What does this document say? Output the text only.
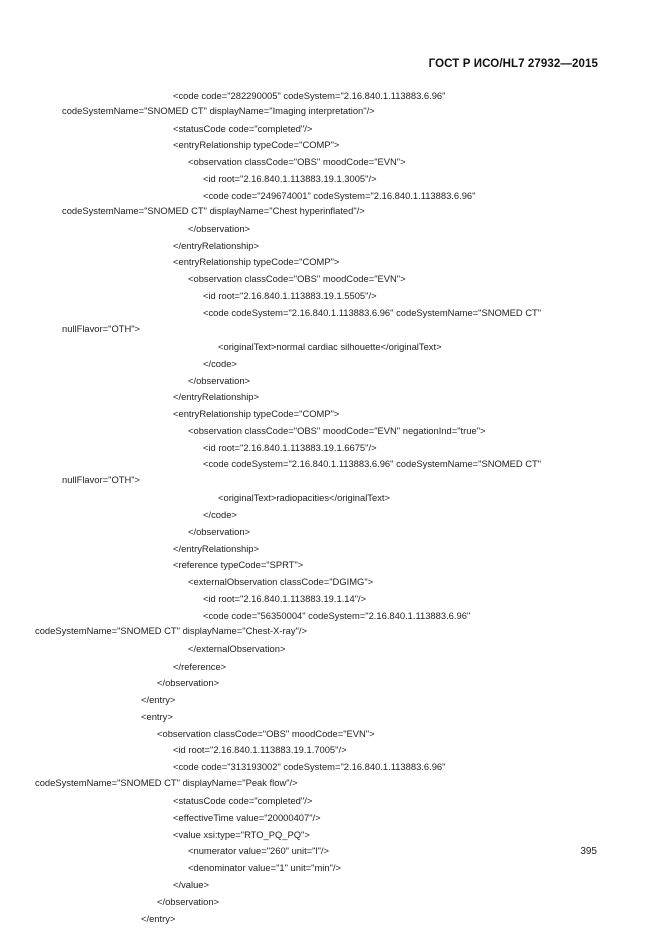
ГОСТ Р ИСО/HL7 27932—2015
<code code="282290005" codeSystem="2.16.840.1.113883.6.96"
codeSystemName="SNOMED CT" displayName="Imaging interpretation"/>
<statusCode code="completed"/>
<entryRelationship typeCode="COMP">
<observation classCode="OBS" moodCode="EVN">
<id root="2.16.840.1.113883.19.1.3005"/>
<code code="249674001" codeSystem="2.16.840.1.113883.6.96"
codeSystemName="SNOMED CT" displayName="Chest hyperinflated"/>
</observation>
</entryRelationship>
<entryRelationship typeCode="COMP">
<observation classCode="OBS" moodCode="EVN">
<id root="2.16.840.1.113883.19.1.5505"/>
<code codeSystem="2.16.840.1.113883.6.96" codeSystemName="SNOMED CT"
nullFlavor="OTH">
<originalText>normal cardiac silhouette</originalText>
</code>
</observation>
</entryRelationship>
<entryRelationship typeCode="COMP">
<observation classCode="OBS" moodCode="EVN" negationInd="true">
<id root="2.16.840.1.113883.19.1.6675"/>
<code codeSystem="2.16.840.1.113883.6.96" codeSystemName="SNOMED CT"
nullFlavor="OTH">
<originalText>radiopacities</originalText>
</code>
</observation>
</entryRelationship>
<reference typeCode="SPRT">
<externalObservation classCode="DGIMG">
<id root="2.16.840.1.113883.19.1.14"/>
<code code="56350004" codeSystem="2.16.840.1.113883.6.96"
codeSystemName="SNOMED CT" displayName="Chest-X-ray"/>
</externalObservation>
</reference>
</observation>
</entry>
<entry>
<observation classCode="OBS" moodCode="EVN">
<id root="2.16.840.1.113883.19.1.7005"/>
<code code="313193002" codeSystem="2.16.840.1.113883.6.96"
codeSystemName="SNOMED CT" displayName="Peak flow"/>
<statusCode code="completed"/>
<effectiveTime value="20000407"/>
<value xsi:type="RTO_PQ_PQ">
<numerator value="260" unit="l"/>
<denominator value="1" unit="min"/>
</value>
</observation>
</entry>
395
